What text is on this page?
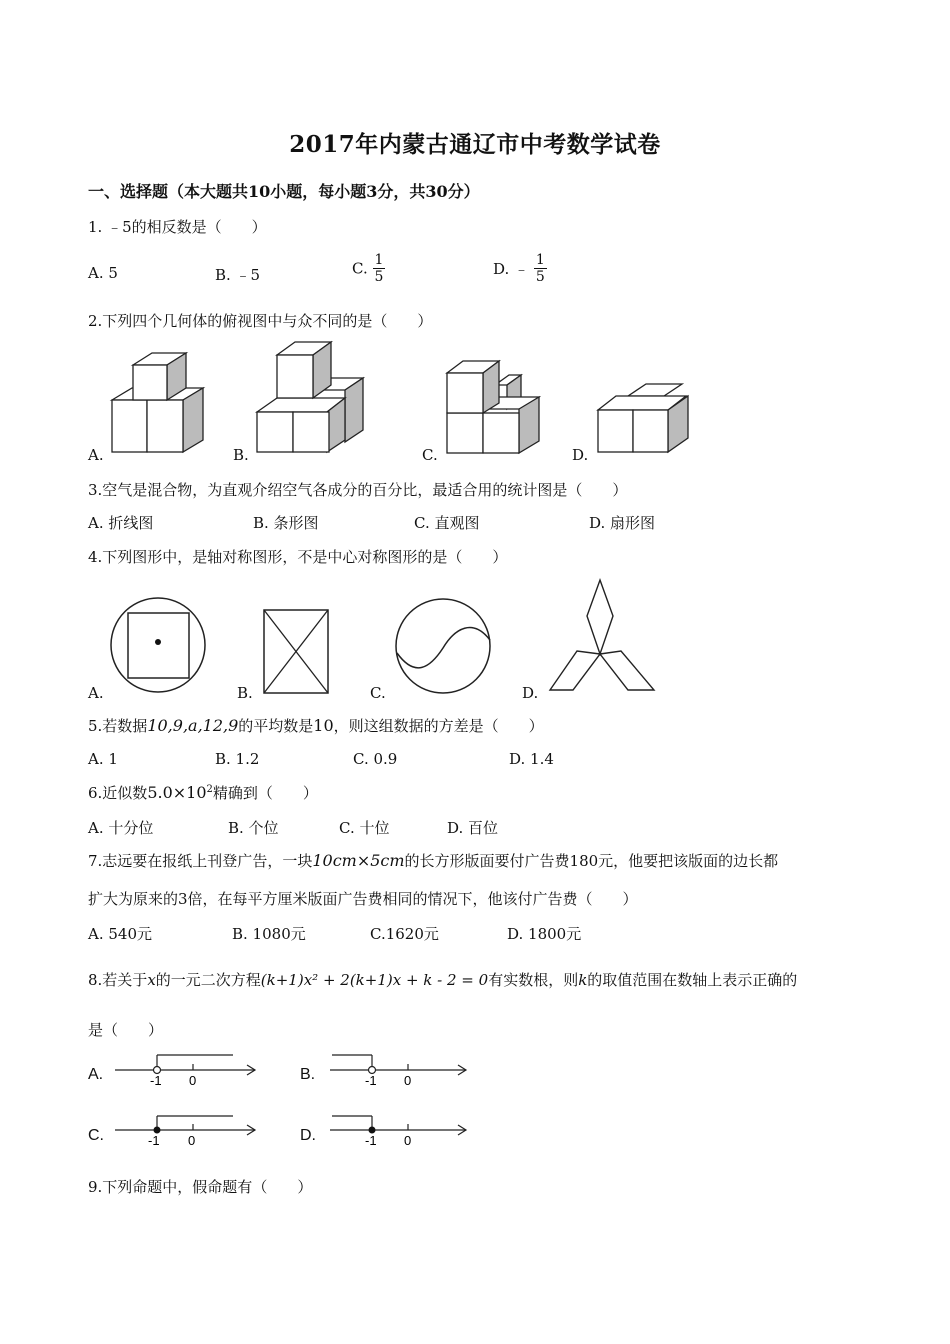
2017年内蒙古通辽市中考数学试卷
一、选择题（本大题共10小题，每小题3分，共30分）
1. ﹣5的相反数是（　　）
A. 5	B. ﹣5	C. $\frac{1}{5}$	D. ﹣ $\frac{1}{5}$
2.下列四个几何体的俯视图中与众不同的是（　　）
A.	B.	C.	D.
3.空气是混合物，为直观介绍空气各成分的百分比，最适合用的统计图是（　　）
A. 折线图	B. 条形图	C. 直观图	D. 扇形图
4.下列图形中，是轴对称图形，不是中心对称图形的是（　　）
A.	B.	C.	D.
5.若数据10,9,a,12,9的平均数是10，则这组数据的方差是（　　）
A. 1	B. 1.2	C. 0.9	D. 1.4
6.近似数$5.0\times 10^2$精确到（　　）
A. 十分位	B. 个位	C. 十位	D. 百位
7.志远要在报纸上刊登广告，一块10cm×5cm的长方形版面要付广告费180元，他要把该版面的边长都
扩大为原来的3倍，在每平方厘米版面广告费相同的情况下，他该付广告费（　　）
A. 540元	B. 1080元	C.1620元	D. 1800元
8.若关于x的一元二次方程(k+1)x² + 2(k+1)x + k - 2 = 0有实数根，则k的取值范围在数轴上表示正确的
是（　　）
A.	B.
C.	D.
-1 0	-1 0
-1 0	-1 0
9.下列命题中，假命题有（　　）
